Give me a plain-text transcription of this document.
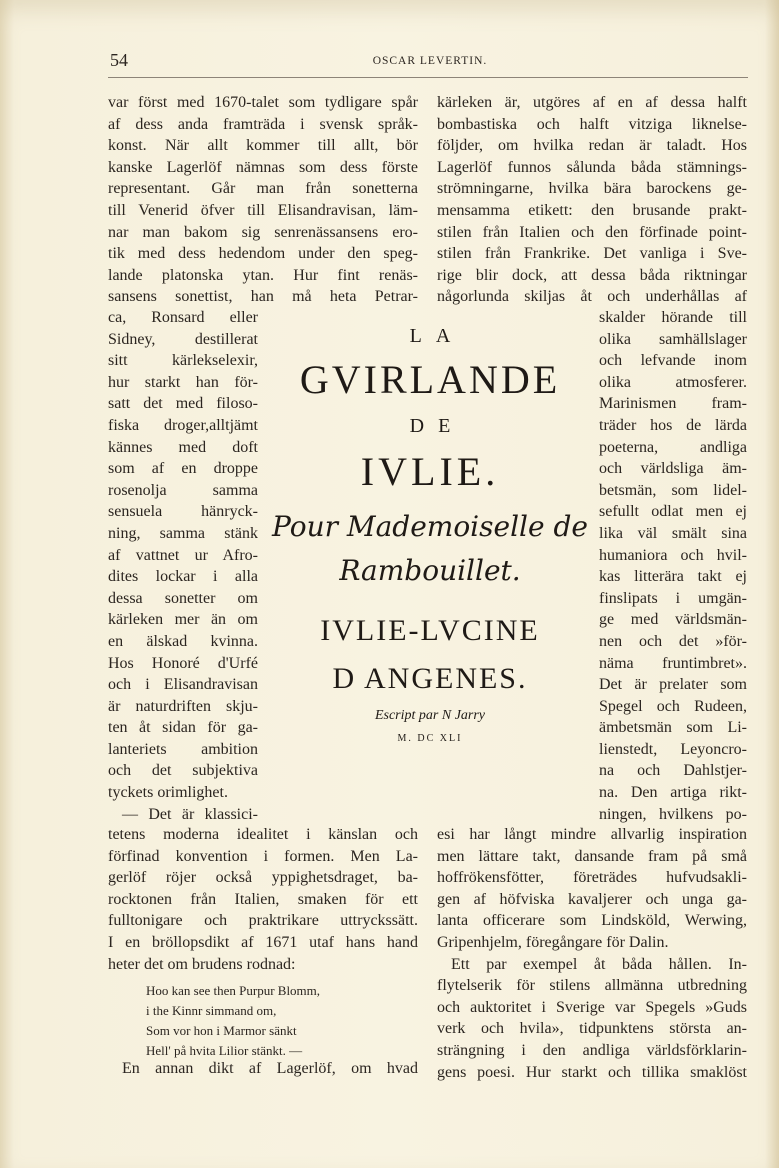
54	OSCAR LEVERTIN.
var först med 1670-talet som tydligare spår
af dess anda framträda i svensk språk-
konst. När allt kommer till allt, bör
kanske Lagerlöf nämnas som dess förste
representant. Går man från sonetterna
till Venerid öfver till Elisandravisan, läm-
nar man bakom sig senrenässansens ero-
tik med dess hedendom under den speg-
lande platonska ytan. Hur fint renäs-
sansens sonettist, han må heta Petrar-
ca, Ronsard eller
Sidney, destillerat
sitt kärlekselexir,
hur starkt han för-
satt det med filoso-
fiska droger,alltjämt
kännes med doft
som af en droppe
rosenolja samma
sensuela hänryck-
ning, samma stänk
af vattnet ur Afro-
dites lockar i alla
dessa sonetter om
kärleken mer än om
en älskad kvinna.
Hos Honoré d'Urfé
och i Elisandravisan
är naturdriften skju-
ten åt sidan för ga-
lanteriets ambition
och det subjektiva
tyckets orimlighet.
— Det är klassici-
tetens moderna idealitet i känslan och
förfinad konvention i formen. Men La-
gerlöf röjer också yppighetsdraget, ba-
rocktonen från Italien, smaken för ett
fulltonigare och praktrikare uttryckssätt.
I en bröllopsdikt af 1671 utaf hans hand
heter det om brudens rodnad:
Hoo kan see then Purpur Blomm,
i the Kinnr simmand om,
Som vor hon i Marmor sänkt
Hell' på hvita Lilior stänkt. —
En annan dikt af Lagerlöf, om hvad
kärleken är, utgöres af en af dessa halft
bombastiska och halft vitziga liknelse-
följder, om hvilka redan är taladt. Hos
Lagerlöf funnos sålunda båda stämnings-
strömningarne, hvilka bära barockens ge-
mensamma etikett: den brusande prakt-
stilen från Italien och den förfinade point-
stilen från Frankrike. Det vanliga i Sve-
rige blir dock, att dessa båda riktningar
någorlunda skiljas åt och underhållas af
skalder hörande till
olika samhällslager
och lefvande inom
olika atmosferer.
Marinismen fram-
träder hos de lärda
poeterna, andliga
och världsliga äm-
betsmän, som lidel-
sefullt odlat men ej
lika väl smält sina
humaniora och hvil-
kas litterära takt ej
finslipats i umgän-
ge med världsmän-
nen och det »för-
näma fruntimbret».
Det är prelater som
Spegel och Rudeen,
ämbetsmän som Li-
lienstedt, Leyoncro-
na och Dahlstjer-
na. Den artiga rikt-
ningen, hvilkens po-
esi har långt mindre allvarlig inspiration
men lättare takt, dansande fram på små
hoffrökensfötter, företrädes hufvudsakli-
gen af höfviska kavaljerer och unga ga-
lanta officerare som Lindsköld, Werwing,
Gripenhjelm, föregångare för Dalin.
Ett par exempel åt båda hållen. In-
flytelserik för stilens allmänna utbredning
och auktoritet i Sverige var Spegels »Guds
verk och hvila», tidpunktens största an-
strängning i den andliga världsförklarin-
gens poesi. Hur starkt och tillika smaklöst
LA
GVIRLANDE
DE
IVLIE.
Pour Mademoiselle de
Rambouillet.
IVLIE-LVCINE
D ANGENES.
Escript par N Jarry
M. DC XLI
